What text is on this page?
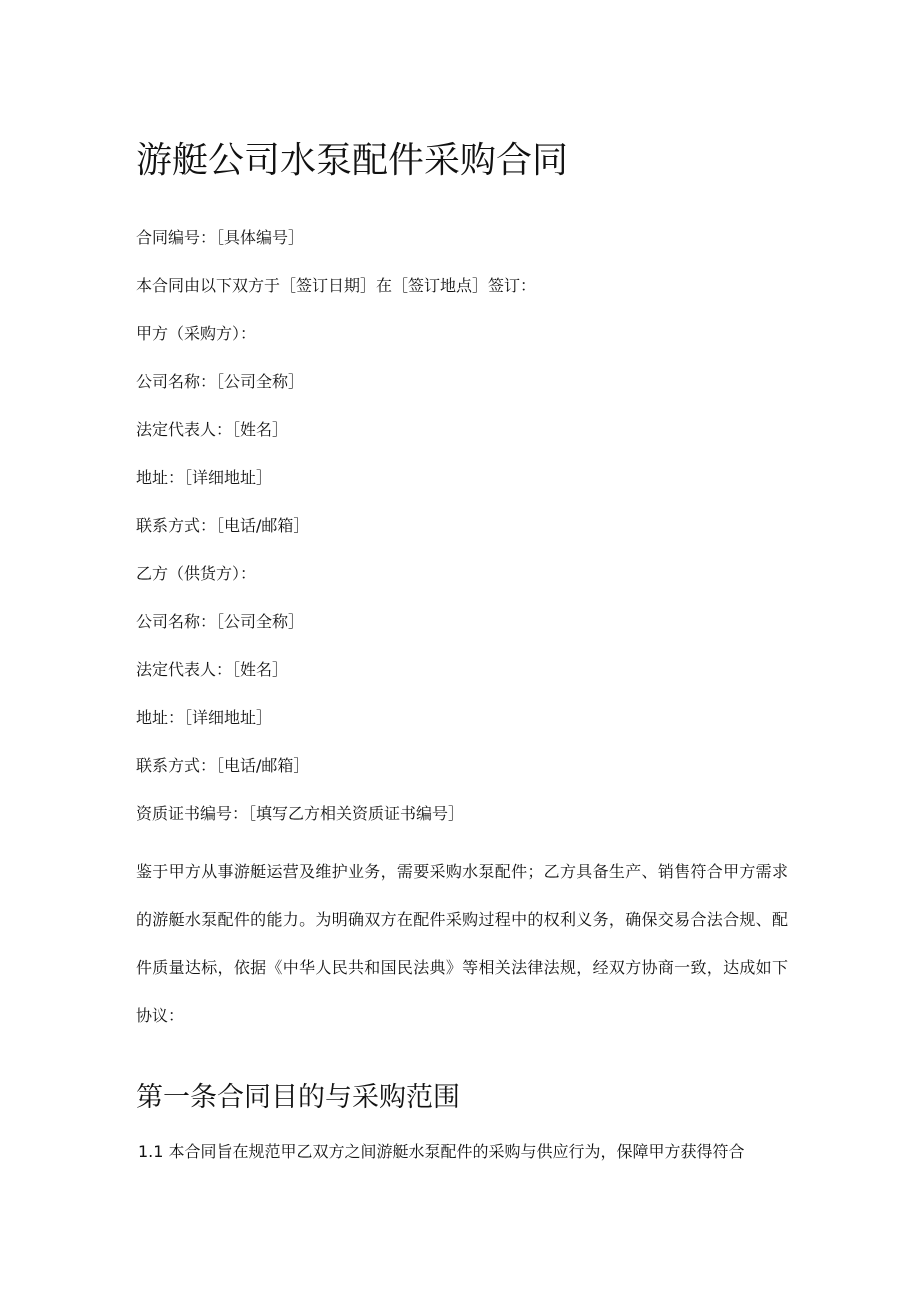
游艇公司水泵配件采购合同

合同编号：［具体编号］

本合同由以下双方于［签订日期］在［签订地点］签订：

甲方（采购方）：

公司名称：［公司全称］

法定代表人：［姓名］

地址：［详细地址］

联系方式：［电话/邮箱］

乙方（供货方）：

公司名称：［公司全称］

法定代表人：［姓名］

地址：［详细地址］

联系方式：［电话/邮箱］

资质证书编号：［填写乙方相关资质证书编号］

鉴于甲方从事游艇运营及维护业务，需要采购水泵配件；乙方具备生产、销售符合甲方需求的游艇水泵配件的能力。为明确双方在配件采购过程中的权利义务，确保交易合法合规、配件质量达标，依据《中华人民共和国民法典》等相关法律法规，经双方协商一致，达成如下协议：

第一条合同目的与采购范围

1.1 本合同旨在规范甲乙双方之间游艇水泵配件的采购与供应行为，保障甲方获得符合
